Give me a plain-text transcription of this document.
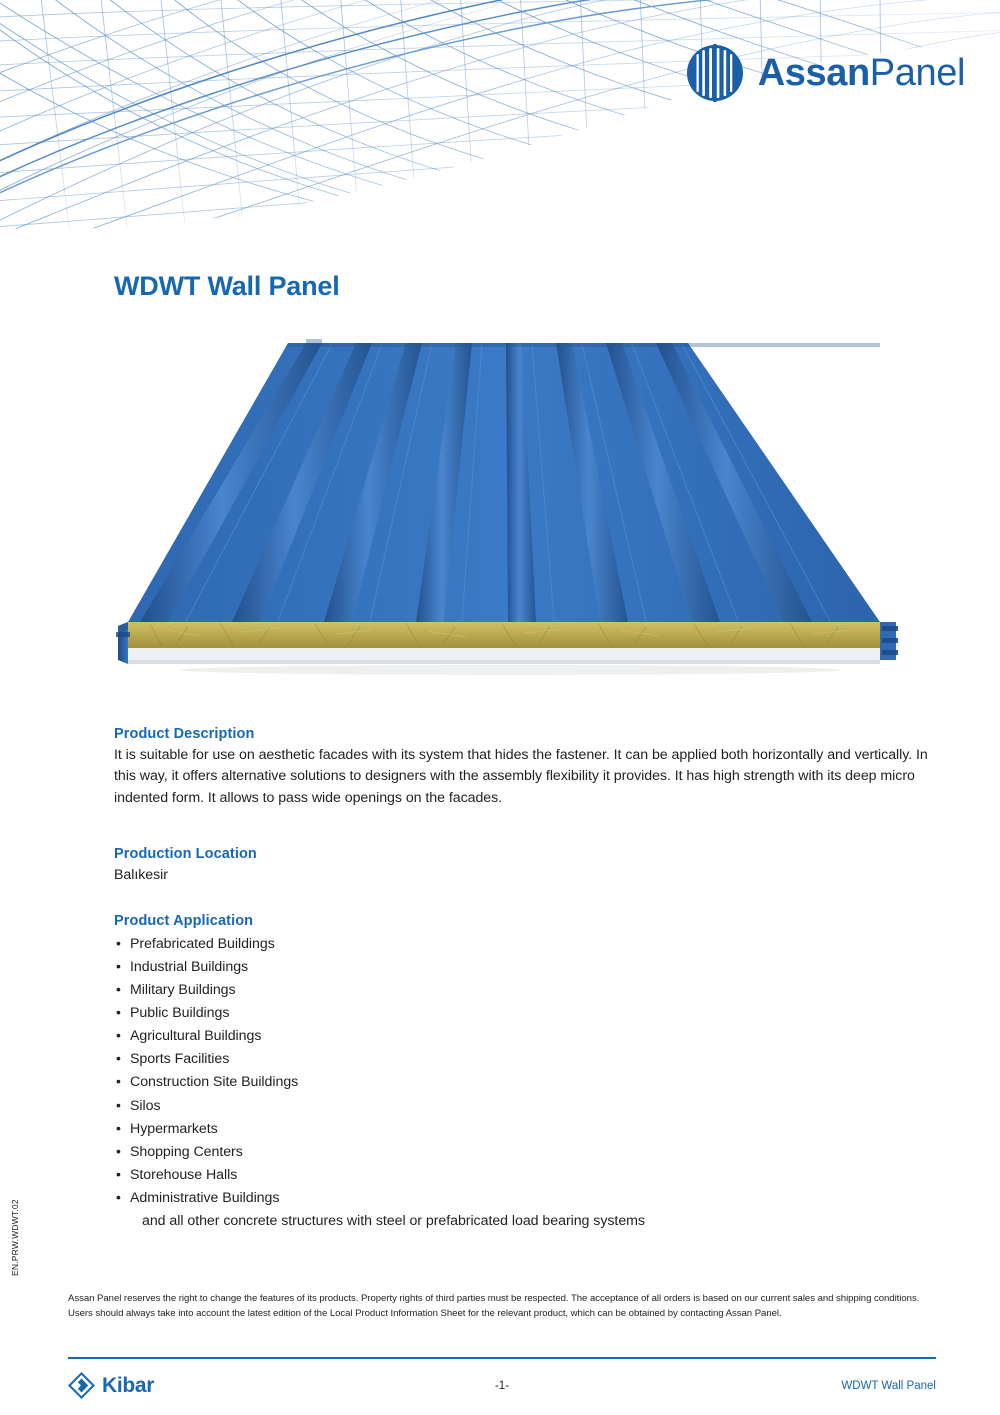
AssanPanel
EN.PRW.WDWT.02
WDWT Wall Panel
Product Description

It is suitable for use on aesthetic facades with its system that hides the fastener. It can be applied both horizontally and vertically. In this way, it offers alternative solutions to designers with the assembly flexibility it provides. It has high strength with its deep micro indented form. It allows to pass wide openings on the facades.

Production Location

Balıkesir

Product Application
• Prefabricated Buildings
• Industrial Buildings
• Military Buildings
• Public Buildings
• Agricultural Buildings
• Sports Facilities
• Construction Site Buildings
• Silos
• Hypermarkets
• Shopping Centers
• Storehouse Halls
• Administrative Buildings
and all other concrete structures with steel or prefabricated load bearing systems
Assan Panel reserves the right to change the features of its products. Property rights of third parties must be respected. The acceptance of all orders is based on our current sales and shipping conditions. Users should always take into account the latest edition of the Local Product Information Sheet for the relevant product, which can be obtained by contacting Assan Panel.
Kibar	-1-	WDWT Wall Panel
